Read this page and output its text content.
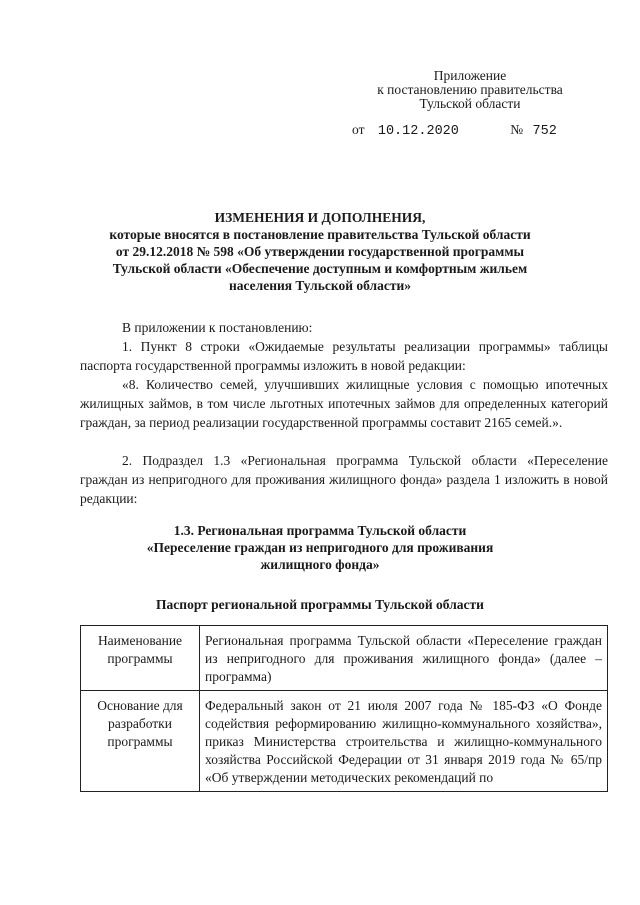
Приложение
к постановлению правительства
Тульской области
от 10.12.2020	№ 752
ИЗМЕНЕНИЯ И ДОПОЛНЕНИЯ,
которые вносятся в постановление правительства Тульской области
от 29.12.2018 № 598 «Об утверждении государственной программы
Тульской области «Обеспечение доступным и комфортным жильем
населения Тульской области»
В приложении к постановлению:
1. Пункт 8 строки «Ожидаемые результаты реализации программы» таблицы паспорта государственной программы изложить в новой редакции:
«8. Количество семей, улучшивших жилищные условия с помощью ипотечных жилищных займов, в том числе льготных ипотечных займов для определенных категорий граждан, за период реализации государственной программы составит 2165 семей.».
2. Подраздел 1.3 «Региональная программа Тульской области «Переселение граждан из непригодного для проживания жилищного фонда» раздела 1 изложить в новой редакции:
1.3. Региональная программа Тульской области
«Переселение граждан из непригодного для проживания
жилищного фонда»
Паспорт региональной программы Тульской области
Наименование программы	Региональная программа Тульской области «Переселение граждан из непригодного для проживания жилищного фонда» (далее – программа)
Основание для разработки программы	Федеральный закон от 21 июля 2007 года № 185-ФЗ «О Фонде содействия реформированию жилищно-коммунального хозяйства», приказ Министерства строительства и жилищно-коммунального хозяйства Российской Федерации от 31 января 2019 года № 65/пр «Об утверждении методических рекомендаций по
